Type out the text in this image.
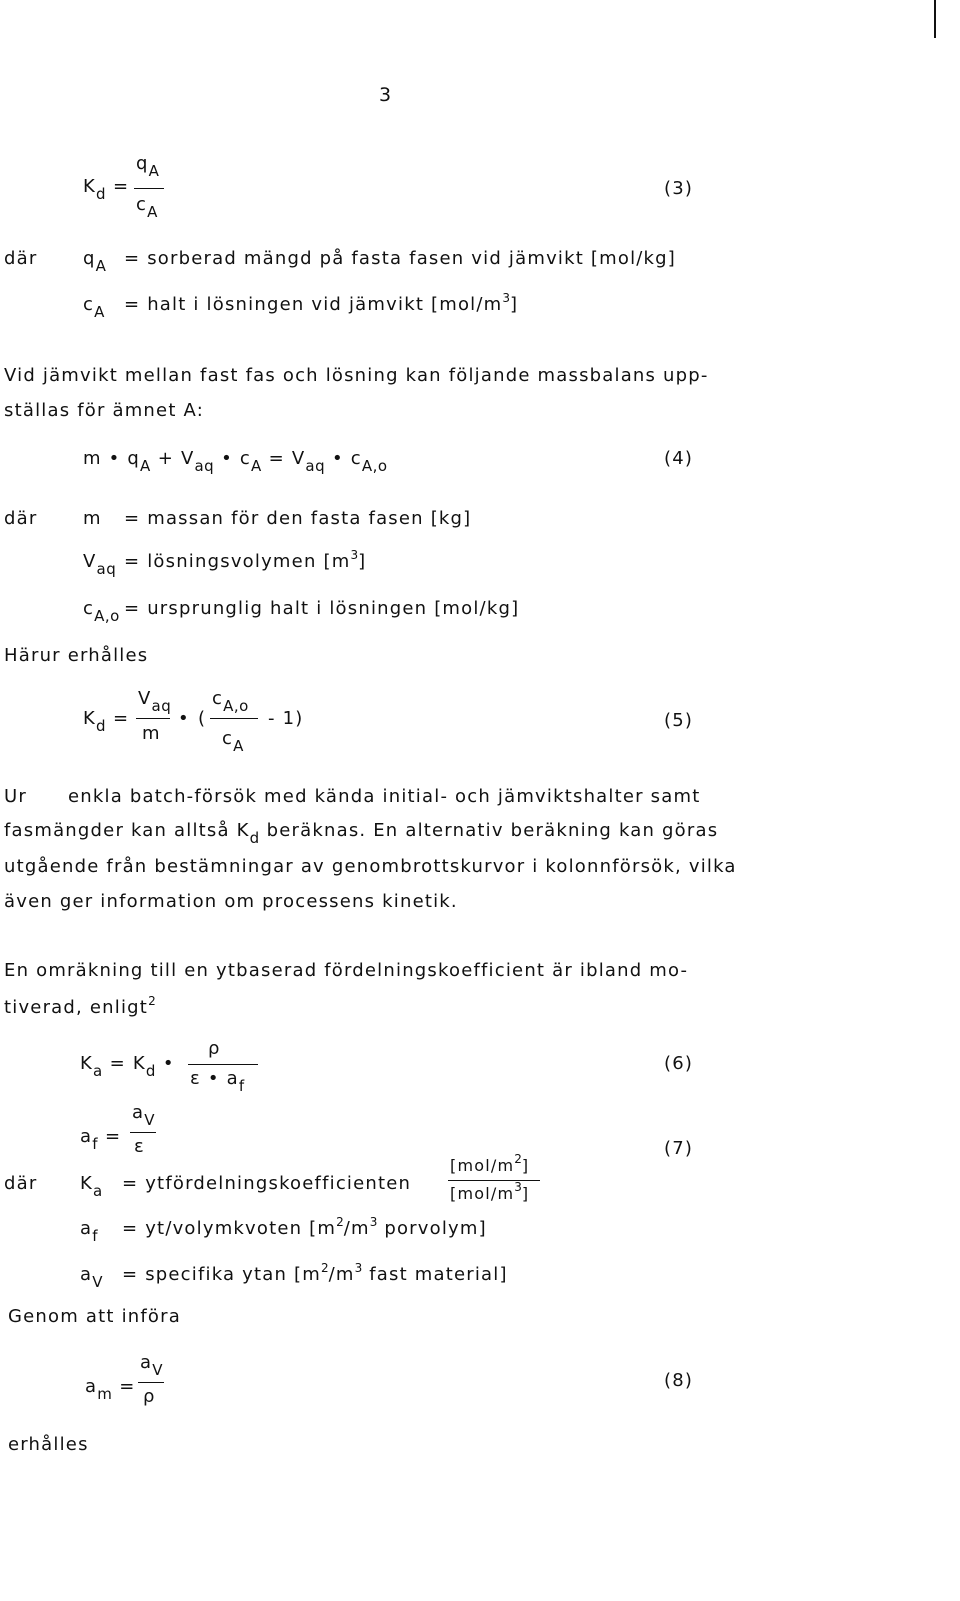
3
$K_d$ =
$q_A$
$c_A$
(3)
där	$q_A$ = sorberad mängd på fasta fasen vid jämvikt [mol/kg]
$c_A$ = halt i lösningen vid jämvikt $[mol/m^3]$
Vid jämvikt mellan fast fas och lösning kan följande massbalans upp-
ställas för ämnet A:
m • $q_A + V_{aq}$ • $c_A = V_{aq}$ • $c_{A,o}$	(4)
där	m = massan för den fasta fasen [kg]
$V_{aq}$ = lösningsvolymen $[m^3]$
$c_{A,o}$ = ursprunglig halt i lösningen [mol/kg]
Härur erhålles
$K_d$ =
$V_{aq}$
m
• (
$c_{A,o}$
$c_A$
- 1)	(5)
Ur enkla batch-försök med kända initial- och jämviktshalter samt
fasmängder kan alltså $K_d$ beräknas. En alternativ beräkning kan göras
utgående från bestämningar av genombrottskurvor i kolonnförsök, vilka
även ger information om processens kinetik.
En omräkning till en ytbaserad fördelningskoefficient är ibland mo-
tiverad, enligt$^2$
$K_a = K_d$ •
ρ
ε • $a_f$
(6)
$a_f$ =
$a_V$
ε	(7)
där $K_a$ = ytfördelningskoefficienten
$[mol/m^2]$
$[mol/m^3]$
$a_f$ = yt/volymkvoten [$m^2/m^3$ porvolym]
$a_V$ = specifika ytan [$m^2/m^3$ fast material]
Genom att införa
$a_m$ =
$a_V$
ρ
(8)
erhålles
